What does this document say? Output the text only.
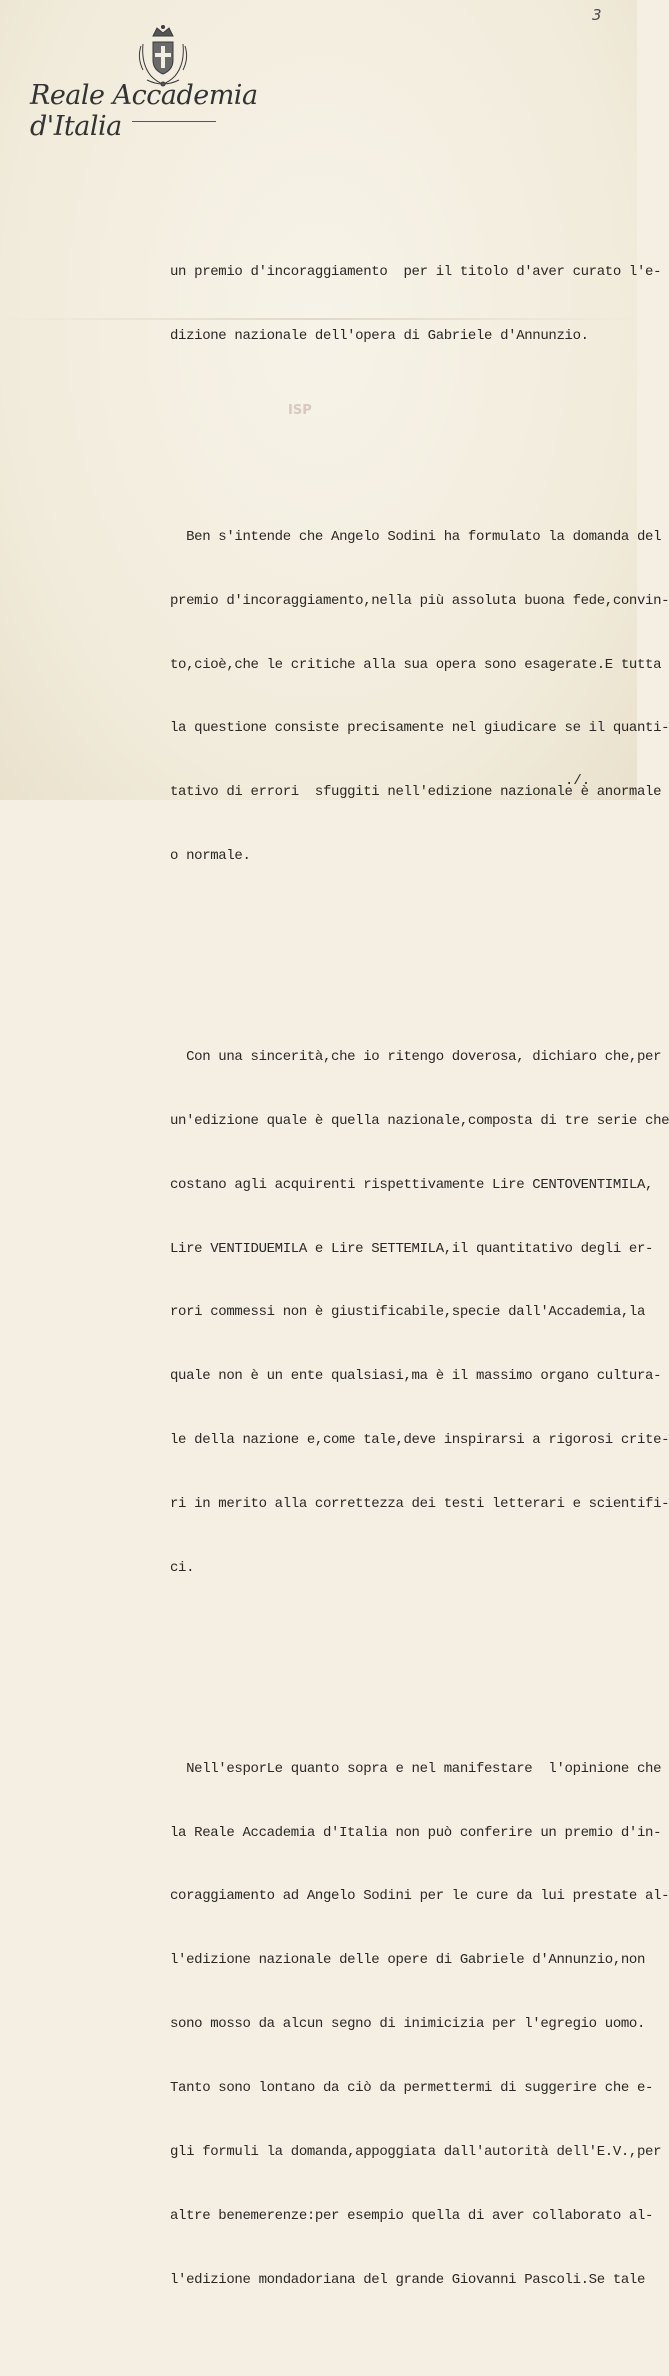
Reale Accademia d'Italia
3
ISP

un premio d'incoraggiamento  per il titolo d'aver curato l'e-

dizione nazionale dell'opera di Gabriele d'Annunzio.

Ben s'intende che Angelo Sodini ha formulato la domanda del

premio d'incoraggiamento,nella più assoluta buona fede,convin-

to,cioè,che le critiche alla sua opera sono esagerate.E tutta

la questione consiste precisamente nel giudicare se il quanti-

tativo di errori  sfuggiti nell'edizione nazionale è anormale

o normale.

Con una sincerità,che io ritengo doverosa, dichiaro che,per

un'edizione quale è quella nazionale,composta di tre serie che

costano agli acquirenti rispettivamente Lire CENTOVENTIMILA,

Lire VENTIDUEMILA e Lire SETTEMILA,il quantitativo degli er-

rori commessi non è giustificabile,specie dall'Accademia,la

quale non è un ente qualsiasi,ma è il massimo organo cultura-

le della nazione e,come tale,deve inspirarsi a rigorosi crite-

ri in merito alla correttezza dei testi letterari e scientifi-

ci.

Nell'esporLe quanto sopra e nel manifestare  l'opinione che

la Reale Accademia d'Italia non può conferire un premio d'in-

coraggiamento ad Angelo Sodini per le cure da lui prestate al-

l'edizione nazionale delle opere di Gabriele d'Annunzio,non

sono mosso da alcun segno di inimicizia per l'egregio uomo.

Tanto sono lontano da ciò da permettermi di suggerire che e-

gli formuli la domanda,appoggiata dall'autorità dell'E.V.,per

altre benemerenze:per esempio quella di aver collaborato al-

l'edizione mondadoriana del grande Giovanni Pascoli.Se tale

./.
